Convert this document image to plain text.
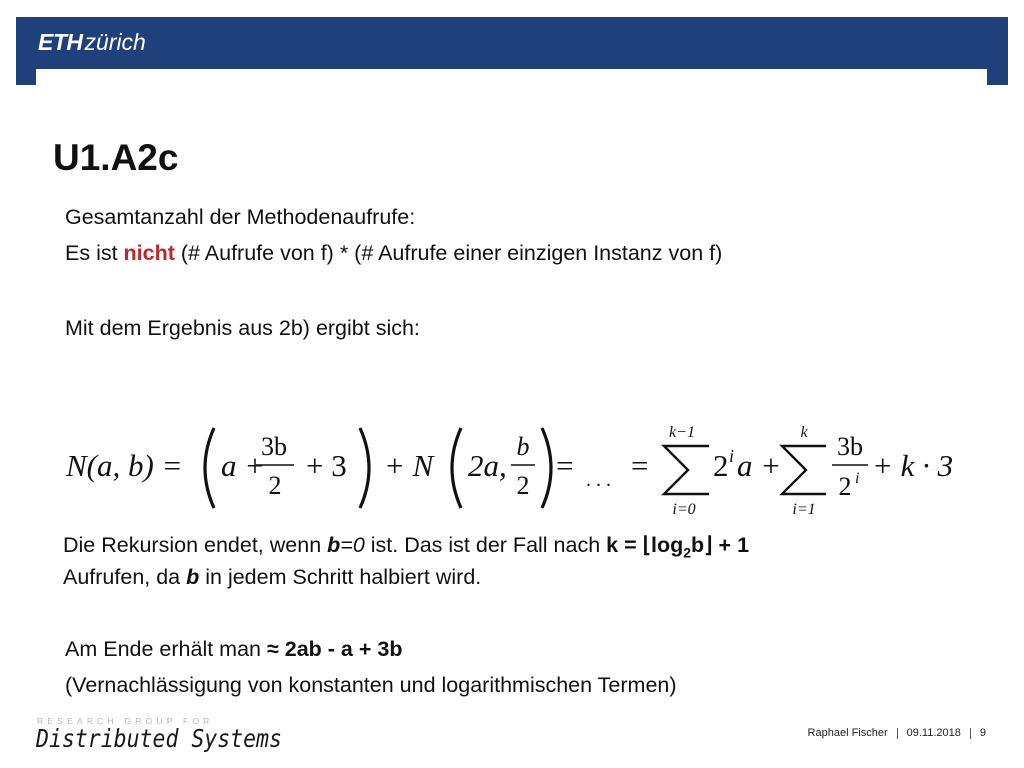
ETHzürich
U1.A2c
Gesamtanzahl der Methodenaufrufe:
Es ist nicht (# Aufrufe von f) * (# Aufrufe einer einzigen Instanz von f)
Mit dem Ergebnis aus 2b) ergibt sich:
N(a, b) = a +
3b
2
+ 3 + N 2a,
b
2
= . . . =
k−1
i=0
2 i a +
k
i=1
3b
2 i + k · 3
Die Rekursion endet, wenn b=0 ist. Das ist der Fall nach $k = ⌊\log_2b⌋ + 1$
Aufrufen, da b in jedem Schritt halbiert wird.
Am Ende erhält man ≈ 2ab - a + 3b
(Vernachlässigung von konstanten und logarithmischen Termen)
RESEARCH GROUP FOR
Distributed Systems	Raphael Fischer 09.11.2018 9
